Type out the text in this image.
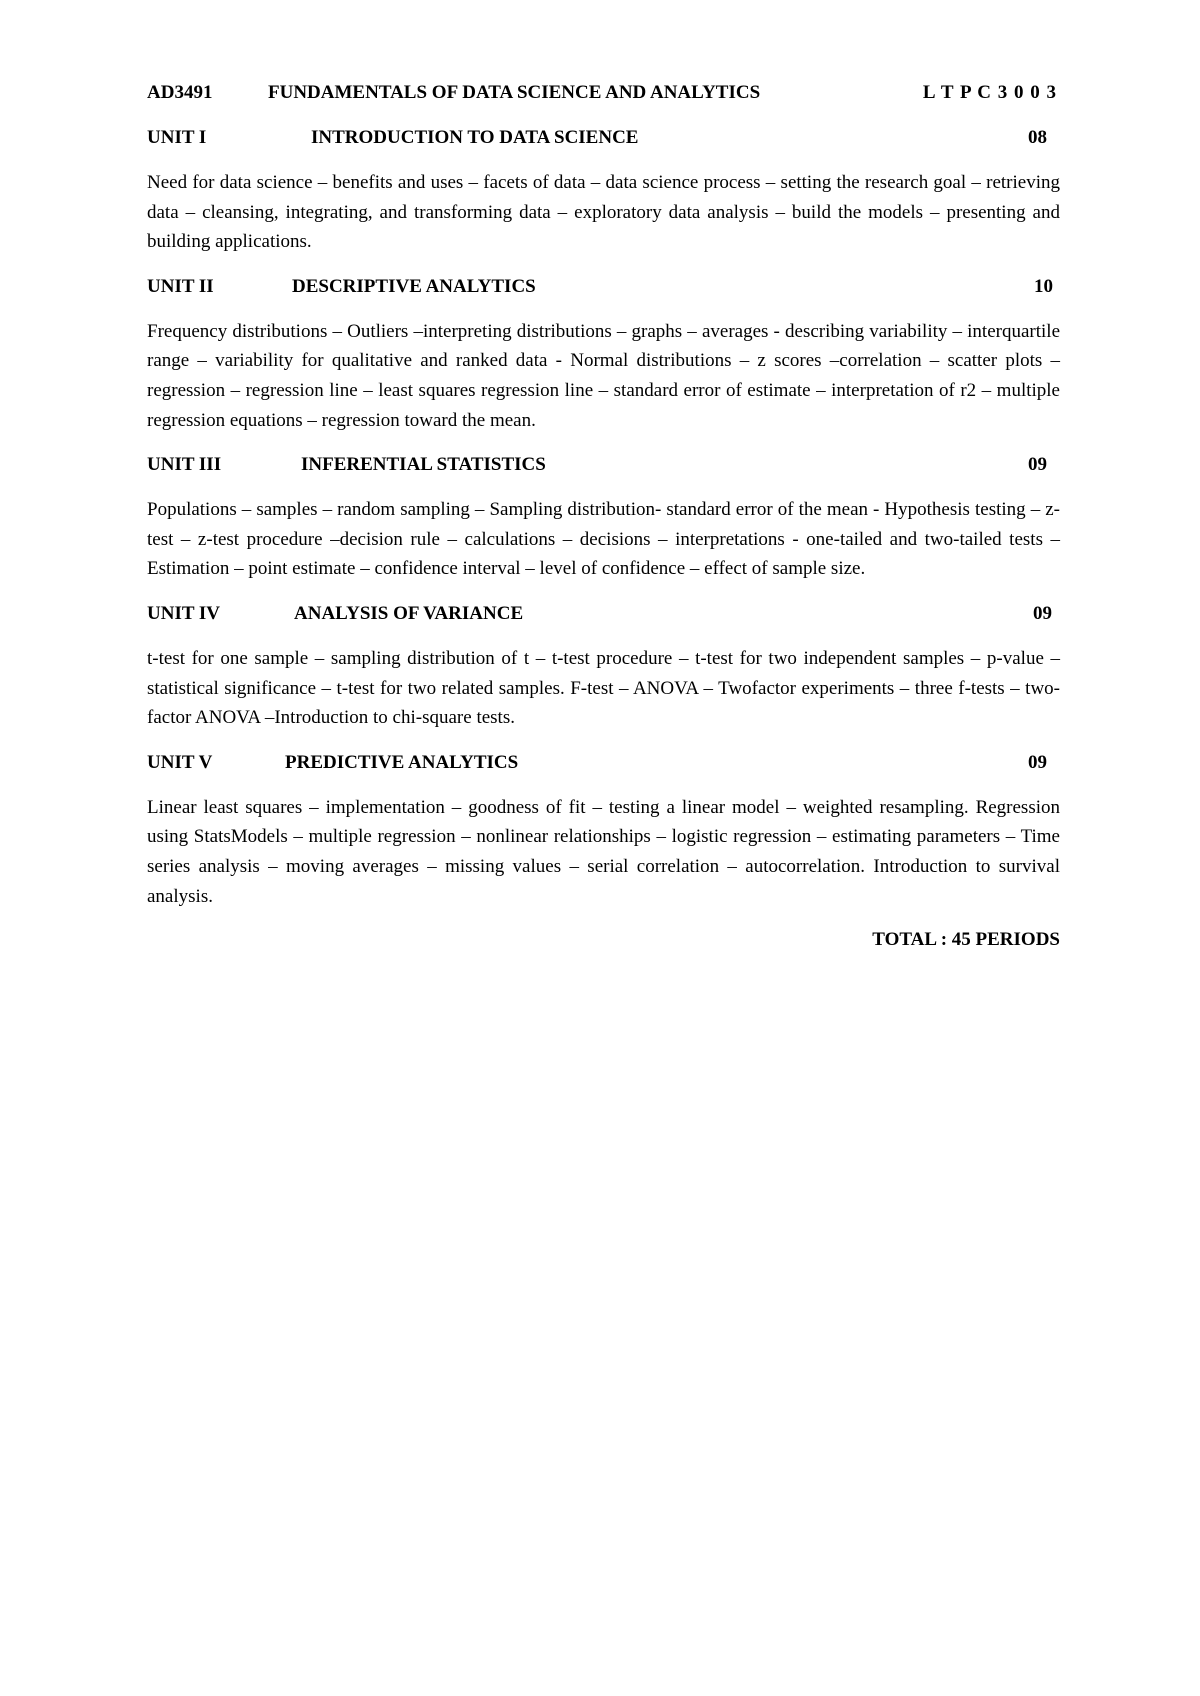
AD3491	FUNDAMENTALS OF DATA SCIENCE AND ANALYTICS	L T P C 3 0 0 3
UNIT I	INTRODUCTION TO DATA SCIENCE	08
Need for data science – benefits and uses – facets of data – data science process – setting the research goal – retrieving data – cleansing, integrating, and transforming data – exploratory data analysis – build the models – presenting and building applications.
UNIT II	DESCRIPTIVE ANALYTICS	10
Frequency distributions – Outliers –interpreting distributions – graphs – averages - describing variability – interquartile range – variability for qualitative and ranked data - Normal distributions – z scores –correlation – scatter plots – regression – regression line – least squares regression line – standard error of estimate – interpretation of r2 – multiple regression equations – regression toward the mean.
UNIT III	INFERENTIAL STATISTICS	09
Populations – samples – random sampling – Sampling distribution- standard error of the mean - Hypothesis testing – z-test – z-test procedure –decision rule – calculations – decisions – interpretations - one-tailed and two-tailed tests – Estimation – point estimate – confidence interval – level of confidence – effect of sample size.
UNIT IV	ANALYSIS OF VARIANCE	09
t-test for one sample – sampling distribution of t – t-test procedure – t-test for two independent samples – p-value – statistical significance – t-test for two related samples. F-test – ANOVA – Twofactor experiments – three f-tests – two-factor ANOVA –Introduction to chi-square tests.
UNIT V	PREDICTIVE ANALYTICS	09
Linear least squares – implementation – goodness of fit – testing a linear model – weighted resampling. Regression using StatsModels – multiple regression – nonlinear relationships – logistic regression – estimating parameters – Time series analysis – moving averages – missing values – serial correlation – autocorrelation. Introduction to survival analysis.
TOTAL : 45 PERIODS
